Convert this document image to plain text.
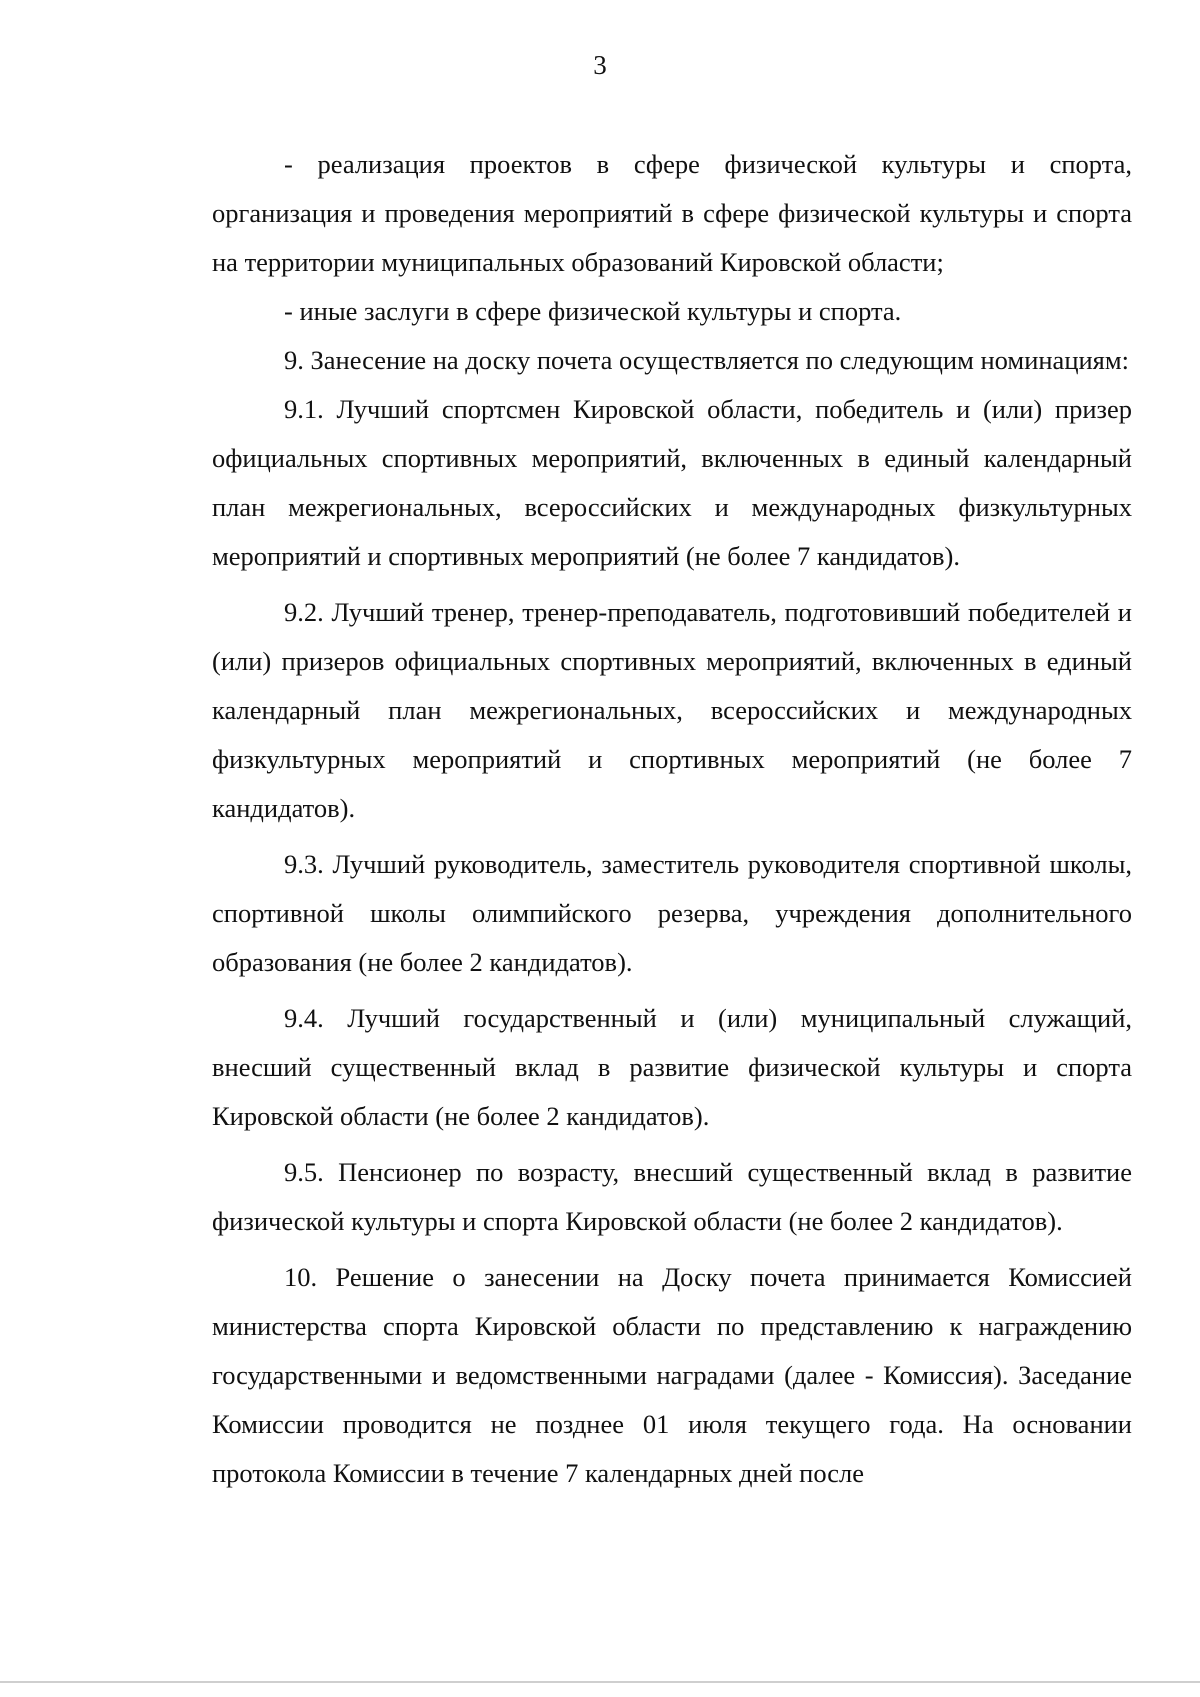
3

- реализация проектов в сфере физической культуры и спорта, организация и проведения мероприятий в сфере физической культуры и спорта на территории муниципальных образований Кировской области;

- иные заслуги в сфере физической культуры и спорта.

9. Занесение на доску почета осуществляется по следующим номинациям:

9.1. Лучший спортсмен Кировской области, победитель и (или) призер официальных спортивных мероприятий, включенных в единый календарный план межрегиональных, всероссийских и международных физкультурных мероприятий и спортивных мероприятий (не более 7 кандидатов).

9.2. Лучший тренер, тренер-преподаватель, подготовивший победителей и (или) призеров официальных спортивных мероприятий, включенных в единый календарный план межрегиональных, всероссийских и международных физкультурных мероприятий и спортивных мероприятий (не более 7 кандидатов).

9.3. Лучший руководитель, заместитель руководителя спортивной школы, спортивной школы олимпийского резерва, учреждения дополнительного образования (не более 2 кандидатов).

9.4. Лучший государственный и (или) муниципальный служащий, внесший существенный вклад в развитие физической культуры и спорта Кировской области (не более 2 кандидатов).

9.5. Пенсионер по возрасту, внесший существенный вклад в развитие физической культуры и спорта Кировской области (не более 2 кандидатов).

10. Решение о занесении на Доску почета принимается Комиссией министерства спорта Кировской области по представлению к награждению государственными и ведомственными наградами (далее - Комиссия). Заседание Комиссии проводится не позднее 01 июля текущего года. На основании протокола Комиссии в течение 7 календарных дней после
